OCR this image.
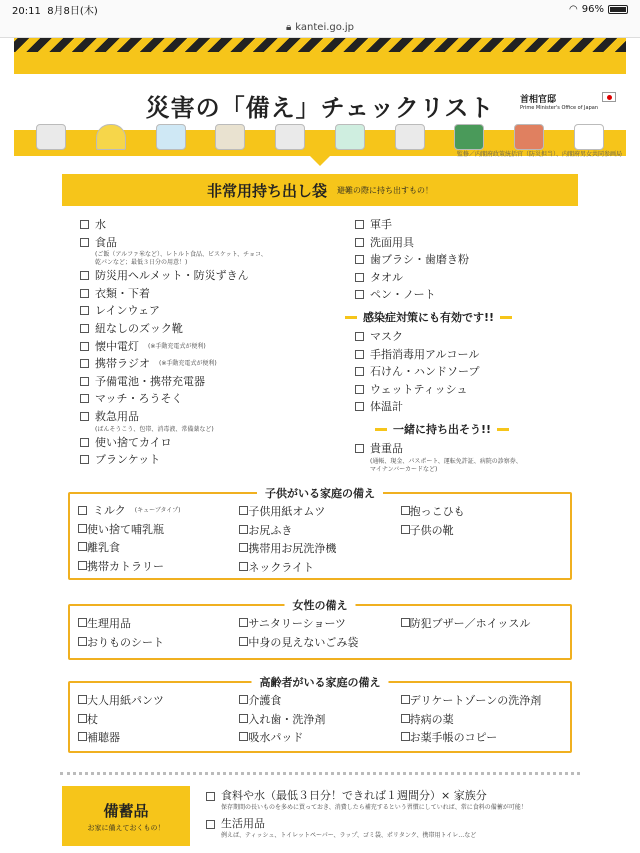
20:11 8月8日(木)	◠ 96%
🔒︎ kantei.go.jp
災害の「備え」チェックリスト	首相官邸
Prime Minister's Office of Japan
監修／内閣府政策統括官（防災担当）、内閣府男女共同参画局
非常用持ち出し袋 避難の際に持ち出すもの！
水
食品
(ご飯（アルファ米など）、レトルト食品、ビスケット、チョコ、
乾パンなど；最低３日分の用意！)
防災用ヘルメット・防災ずきん
衣類・下着
レインウェア
紐なしのズック靴
懐中電灯 (※手動充電式が便利)
携帯ラジオ (※手動充電式が便利)
予備電池・携帯充電器
マッチ・ろうそく
救急用品
(ばんそうこう、包帯、消毒液、常備薬など)
使い捨てカイロ
ブランケット
軍手
洗面用具
歯ブラシ・歯磨き粉
タオル
ペン・ノート
感染症対策にも有効です!!
マスク
手指消毒用アルコール
石けん・ハンドソープ
ウェットティッシュ
体温計
一緒に持ち出そう!!
貴重品
(通帳、現金、パスポート、運転免許証、病院の診察券、
マイナンバーカードなど)
子供がいる家庭の備え
ミルク (キューブタイプ)
使い捨て哺乳瓶
離乳食
携帯カトラリー
子供用紙オムツ
お尻ふき
携帯用お尻洗浄機
ネックライト
抱っこひも
子供の靴
女性の備え
生理用品
おりものシート
サニタリーショーツ
中身の見えないごみ袋
防犯ブザー／ホイッスル
高齢者がいる家庭の備え
大人用紙パンツ
杖
補聴器
介護食
入れ歯・洗浄剤
吸水パッド
デリケートゾーンの洗浄剤
持病の薬
お薬手帳のコピー
備蓄品

お家に備えておくもの！

食料や水（最低３日分！できれば１週間分）× 家族分
保存期間の長いものを多めに買っておき、消費したら補充するという習慣にしていれば、常に食料の備蓄が可能！
生活用品
例えば、ティッシュ、トイレットペーパー、ラップ、ゴミ袋、ポリタンク、携帯用トイレ…など
